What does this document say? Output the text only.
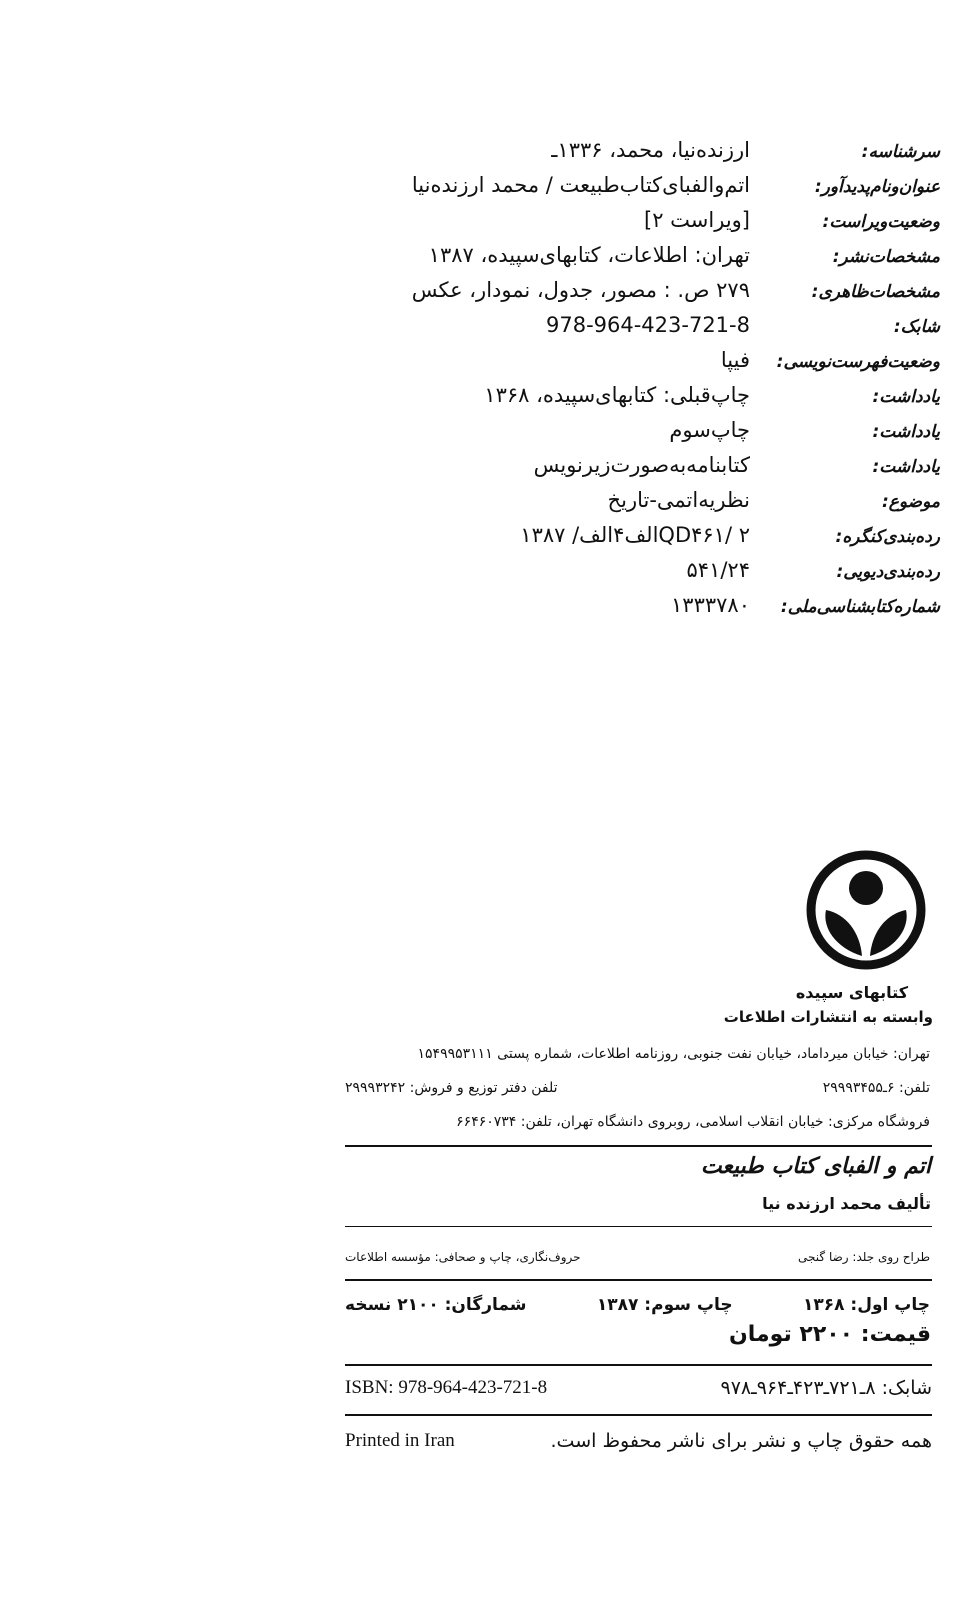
سرشناسه:
ارزنده‌نیا، محمد، ۱۳۳۶ـ
عنوان‌ونام‌پدیدآور:
اتم‌والفبای‌کتاب‌طبیعت / محمد ارزنده‌نیا
وضعیت‌ویراست:
[ویراست ۲]
مشخصات‌نشر:
تهران: اطلاعات، کتابهای‌سپیده، ۱۳۸۷
مشخصات‌ظاهری:
۲۷۹ ص. : مصور، جدول، نمودار، عکس
شابک:
978-964-423-721-8
وضعیت‌فهرست‌نویسی:
فیپا
یادداشت:
چاپ‌قبلی: کتابهای‌سپیده، ۱۳۶۸
یادداشت:
چاپ‌سوم
یادداشت:
کتابنامه‌به‌صورت‌زیرنویس
موضوع:
نظریه‌اتمی-تاریخ
رده‌بندی‌کنگره:
QD۴۶۱/ ۲الف۴الف/ ۱۳۸۷
رده‌بندی‌دیویی:
۵۴۱/۲۴
شماره‌کتابشناسی‌ملی:
۱۳۳۳۷۸۰
کتابهای سپیده
وابسته به انتشارات اطلاعات
تهران: خیابان میرداماد، خیابان نفت جنوبی، روزنامه اطلاعات، شماره پستی ۱۵۴۹۹۵۳۱۱۱
تلفن: ۶ـ۲۹۹۹۳۴۵۵
تلفن دفتر توزیع و فروش: ۲۹۹۹۳۲۴۲
فروشگاه مرکزی: خیابان انقلاب اسلامی، روبروی دانشگاه تهران، تلفن: ۶۶۴۶۰۷۳۴
اتم و الفبای کتاب طبیعت
تألیف محمد ارزنده نیا
طراح روی جلد: رضا گنجی
حروف‌نگاری، چاپ و صحافی: مؤسسه اطلاعات
چاپ اول: ۱۳۶۸
چاپ سوم: ۱۳۸۷
شمارگان: ۲۱۰۰ نسخه
قیمت: ۲۲۰۰ تومان
ISBN: 978-964-423-721-8	شابک: ۸ـ۷۲۱ـ۴۲۳ـ۹۶۴ـ۹۷۸
Printed in Iran	همه حقوق چاپ و نشر برای ناشر محفوظ است.
